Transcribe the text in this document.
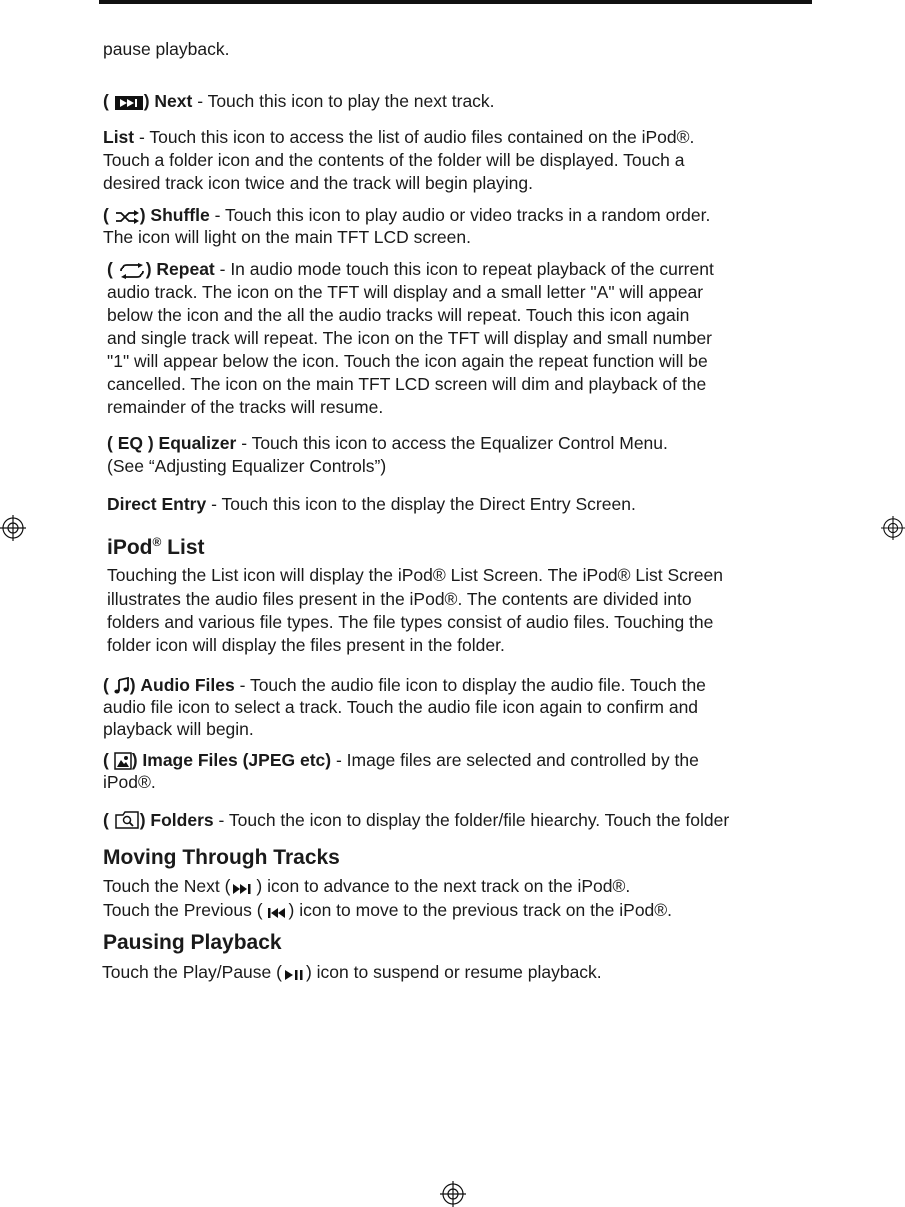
pause playback.

( ) Next - Touch this icon to play the next track.

List - Touch this icon to access the list of audio files contained on the iPod®.

Touch a folder icon and the contents of the folder will be displayed. Touch a

desired track icon twice and the track will begin playing.

( ) Shuffle - Touch this icon to play audio or video tracks in a random order.

The icon will light on the main TFT LCD screen.

( ) Repeat - In audio mode touch this icon to repeat playback of the current

audio track. The icon on the TFT will display and a small letter "A" will appear

below the icon and the all the audio tracks will repeat. Touch this icon again

and single track will repeat. The icon on the TFT will display and small number

"1" will appear below the icon. Touch the icon again the repeat function will be

cancelled. The icon on the main TFT LCD screen will dim and playback of the

remainder of the tracks will resume.

( EQ ) Equalizer - Touch this icon to access the Equalizer Control Menu.

(See “Adjusting Equalizer Controls”)

Direct Entry - Touch this icon to the display the Direct Entry Screen.

iPod® List

Touching the List icon will display the iPod® List Screen. The iPod® List Screen

illustrates the audio files present in the iPod®. The contents are divided into

folders and various file types. The file types consist of audio files. Touching the

folder icon will display the files present in the folder.

( ) Audio Files - Touch the audio file icon to display the audio file. Touch the

audio file icon to select a track. Touch the audio file icon again to confirm and

playback will begin.

( ) Image Files (JPEG etc) - Image files are selected and controlled by the

iPod®.

( ) Folders - Touch the icon to display the folder/file hiearchy. Touch the folder

Moving Through Tracks

Touch the Next ( ) icon to advance to the next track on the iPod®.

Touch the Previous ( ) icon to move to the previous track on the iPod®.

Pausing Playback

Touch the Play/Pause ( ) icon to suspend or resume playback.
